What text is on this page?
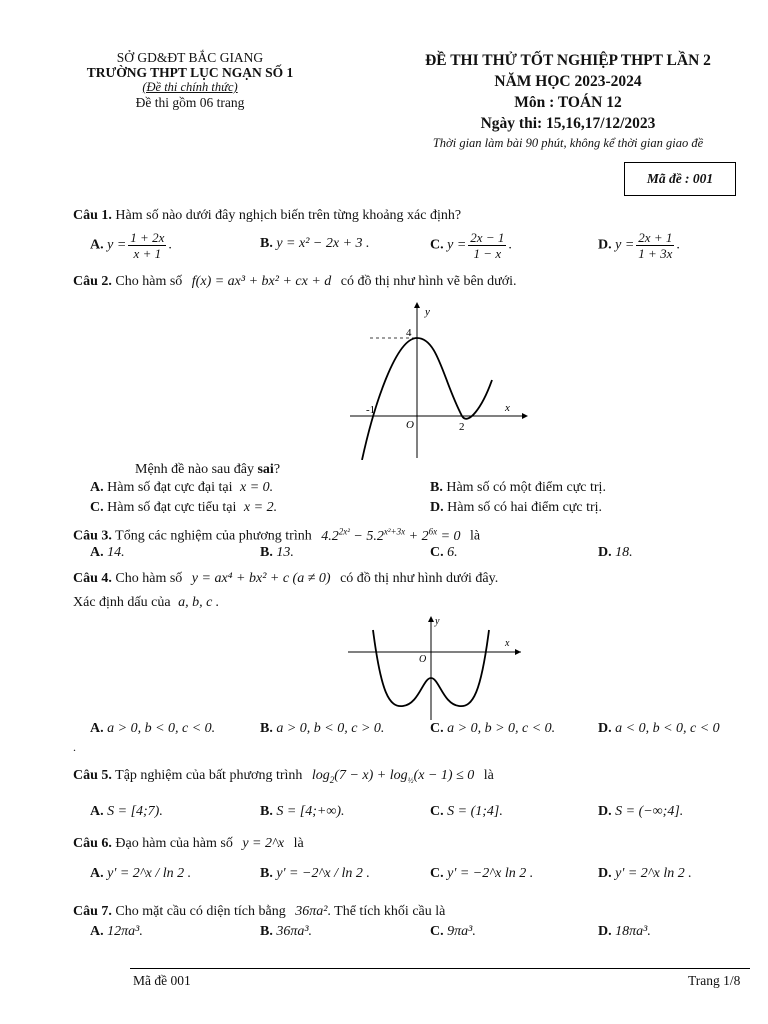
SỞ GD&ĐT BẮC GIANG
TRƯỜNG THPT LỤC NGẠN SỐ 1
(Đề thi chính thức)
Đề thi gồm 06 trang
ĐỀ THI THỬ TỐT NGHIỆP THPT LẦN 2
NĂM HỌC 2023-2024
Môn : TOÁN 12
Ngày thi: 15,16,17/12/2023
Thời gian làm bài 90 phút, không kể thời gian giao đề
Mã đề : 001
Câu 1. Hàm số nào dưới đây nghịch biến trên từng khoảng xác định?
A. $y = \frac{1 + 2x}{x + 1}$ .	B. y = x² − 2x + 3 .	C. $y = \frac{2x - 1}{1 - x}$ .	D. $y = \frac{2x + 1}{1 + 3x}$ .
Câu 2. Cho hàm số f(x) = ax³ + bx² + cx + d có đồ thị như hình vẽ bên dưới.
y
x
O
4
-1
2
Mệnh đề nào sau đây sai?
A. Hàm số đạt cực đại tại x = 0.	B. Hàm số có một điểm cực trị.
C. Hàm số đạt cực tiểu tại x = 2.	D. Hàm số có hai điểm cực trị.
Câu 3. Tổng các nghiệm của phương trình $4.2^{2x^2} - 5.2^{x^2+3x} + 2^{6x} = 0$ là
A. 14.	B. 13.	C. 6.	D. 18.
Câu 4. Cho hàm số y = ax⁴ + bx² + c (a ≠ 0) có đồ thị như hình dưới đây.
Xác định dấu của a, b, c .
y
x
O
A. a > 0, b < 0, c < 0.	B. a > 0, b < 0, c > 0.	C. a > 0, b > 0, c < 0.	D. a < 0, b < 0, c < 0
.
Câu 5. Tập nghiệm của bất phương trình $\log_2(7 - x) + \log_{\frac{1}{2}}(x - 1) \le 0$ là
A. S = [4;7).	B. S = [4;+∞).	C. S = (1;4].	D. S = (−∞;4].
Câu 6. Đạo hàm của hàm số y = 2^x là
A. y' = 2^x / ln 2 .	B. y' = −2^x / ln 2 .	C. y' = −2^x ln 2 .	D. y' = 2^x ln 2 .
Câu 7. Cho mặt cầu có diện tích bằng 36πa². Thể tích khối cầu là
A. 12πa³.	B. 36πa³.	C. 9πa³.	D. 18πa³.
Mã đề 001	Trang 1/8
